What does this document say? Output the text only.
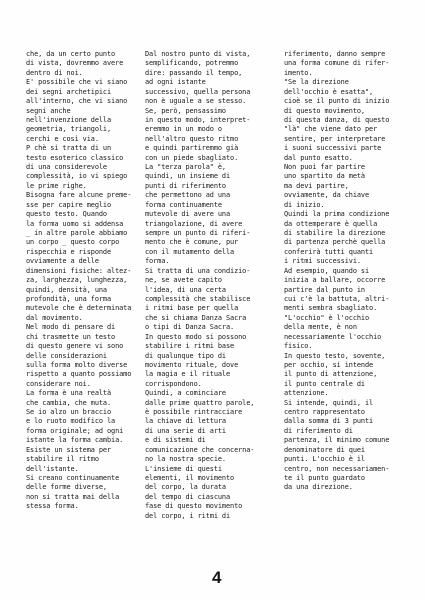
che, da un certo punto
di vista, dovremmo avere
dentro di noi.
E' possibile che vi siano
dei segni archetipici
all'interno, che vi siano
segni anche
nell'invenzione della
geometria, triangoli,
cerchi e così via.
P chè si tratta di un
testo esoterico classico
di una considerevole
complessità, io vi spiego
le prime righe.
Bisogna fare alcune preme-
sse per capire meglio
questo testo. Quando
la forma uomo si addensa
_ in altre parole abbiamo
un corpo _ questo corpo
rispecchia e risponde
ovviamente a delle
dimensioni fisiche: altez-
za, larghezza, lunghezza,
quindi, densità, una
profondità, una forma
mutevole che è determinata
dal movimento.
Nel modo di pensare di
chi trasmette un testo
di questo genere vi sono
delle considerazioni
sulla forma molto diverse
rispetto a quanto possiamo
considerare noi.
La forma è una realtà
che cambia, che muta.
Se io alzo un braccio
e lo ruoto modifico la
forma originale; ad ogni
istante la forma cambia.
Esiste un sistema per
stabilire il ritmo
dell'istante.
Si creano continuamente
delle forme diverse,
non si tratta mai della
stessa forma.
Dal nostro punto di vista,
semplificando, potremmo
dire: passando il tempo,
ad ogni istante
successivo, quella persona
non è uguale a se stesso.
Se, però, pensassimo
in questo modo, interpret-
eremmo in un modo o
nell'altro questo ritmo
e quindi partiremmo già
con un piede sbagliato.
La "terza parola" è,
quindi, un insieme di
punti di riferimento
che permettono ad una
forma continuamente
mutevole di avere una
triangolazione, di avere
sempre un punto di riferi-
mento che è comune, pur
con il mutamento della
forma.
Si tratta di una condizio-
ne, se avete capito
l'idea, di una certa
complessità che stabilisce
i ritmi base per quella
che si chiama Danza Sacra
o tipi di Danza Sacra.
In questo modo si possono
stabilire i ritmi base
di qualunque tipo di
movimento rituale, dove
la magia e il rituale
corrispondono.
Quindi, a cominciare
dalle prime quattro parole,
è possibile rintracciare
la chiave di lettura
di una serie di arti
e di sistemi di
comunicazione che concerna-
no la nostra specie.
L'insieme di questi
elementi, il movimento
del corpo, la durata
del tempo di ciascuna
fase di questo movimento
del corpo, i ritmi di
riferimento, danno sempre
una forma comune di rifer-
imento.
"Se la direzione
dell'occhio è esatta",
cioè se il punto di inizio
di questo movimento,
di questa danza, di questo
"là" che viene dato per
sentire, per interpretare
i suoni successivi parte
dal punto esatto.
Non puoi far partire
uno spartito da metà
ma devi partire,
ovviamente, da chiave
di inizio.
Quindi la prima condizione
da ottemperare è quella
di stabilire la direzione
di partenza perchè quella
conferirà tutti quanti
i ritmi successivi.
Ad esempio, quando si
inizia a ballare, occorre
partire dal punto in
cui c'è la battuta, altri-
menti sembra sbagliato.
"L'occhio" è l'occhio
della mente, è non
necessariamente l'occhio
fisico.
In questo testo, sovente,
per occhio, si intende
il punto di attenzione,
il punto centrale di
attenzione.
Si intende, quindi, il
centro rappresentato
dalla somma di 3 punti
di riferimento di
partenza, il minimo comune
denominatore di quei
punti. L'occhio è il
centro, non necessariamen-
te il punto guardato
da una direzione.
4
